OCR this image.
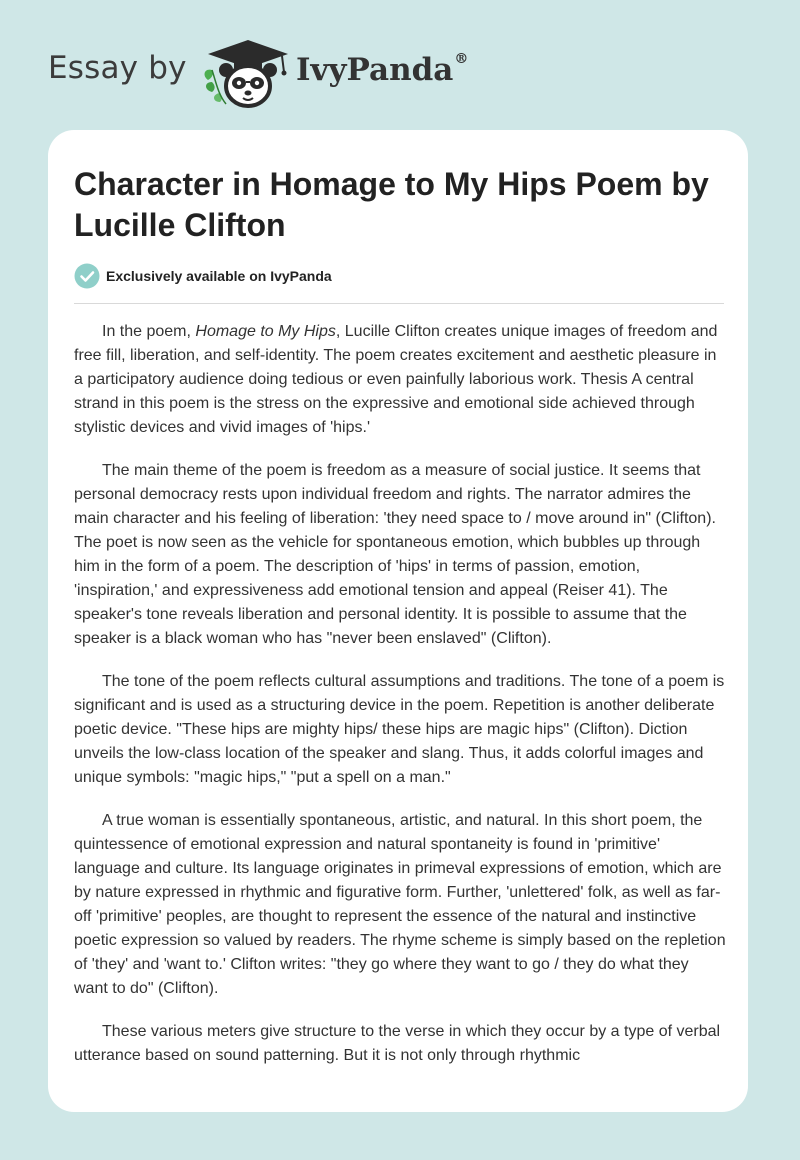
Essay by	IvyPanda®
Character in Homage to My Hips Poem by Lucille Clifton
Exclusively available on IvyPanda

In the poem, Homage to My Hips, Lucille Clifton creates unique images of freedom and free fill, liberation, and self-identity. The poem creates excitement and aesthetic pleasure in a participatory audience doing tedious or even painfully laborious work. Thesis A central strand in this poem is the stress on the expressive and emotional side achieved through stylistic devices and vivid images of 'hips.'

The main theme of the poem is freedom as a measure of social justice. It seems that personal democracy rests upon individual freedom and rights. The narrator admires the main character and his feeling of liberation: 'they need space to / move around in" (Clifton). The poet is now seen as the vehicle for spontaneous emotion, which bubbles up through him in the form of a poem. The description of 'hips' in terms of passion, emotion, 'inspiration,' and expressiveness add emotional tension and appeal (Reiser 41). The speaker's tone reveals liberation and personal identity. It is possible to assume that the speaker is a black woman who has "never been enslaved" (Clifton).

The tone of the poem reflects cultural assumptions and traditions. The tone of a poem is significant and is used as a structuring device in the poem. Repetition is another deliberate poetic device. "These hips are mighty hips/ these hips are magic hips" (Clifton). Diction unveils the low-class location of the speaker and slang. Thus, it adds colorful images and unique symbols: "magic hips," "put a spell on a man."

A true woman is essentially spontaneous, artistic, and natural. In this short poem, the quintessence of emotional expression and natural spontaneity is found in 'primitive' language and culture. Its language originates in primeval expressions of emotion, which are by nature expressed in rhythmic and figurative form. Further, 'unlettered' folk, as well as far-off 'primitive' peoples, are thought to represent the essence of the natural and instinctive poetic expression so valued by readers. The rhyme scheme is simply based on the repletion of 'they' and 'want to.' Clifton writes: "they go where they want to go / they do what they want to do" (Clifton).

These various meters give structure to the verse in which they occur by a type of verbal utterance based on sound patterning. But it is not only through rhythmic
